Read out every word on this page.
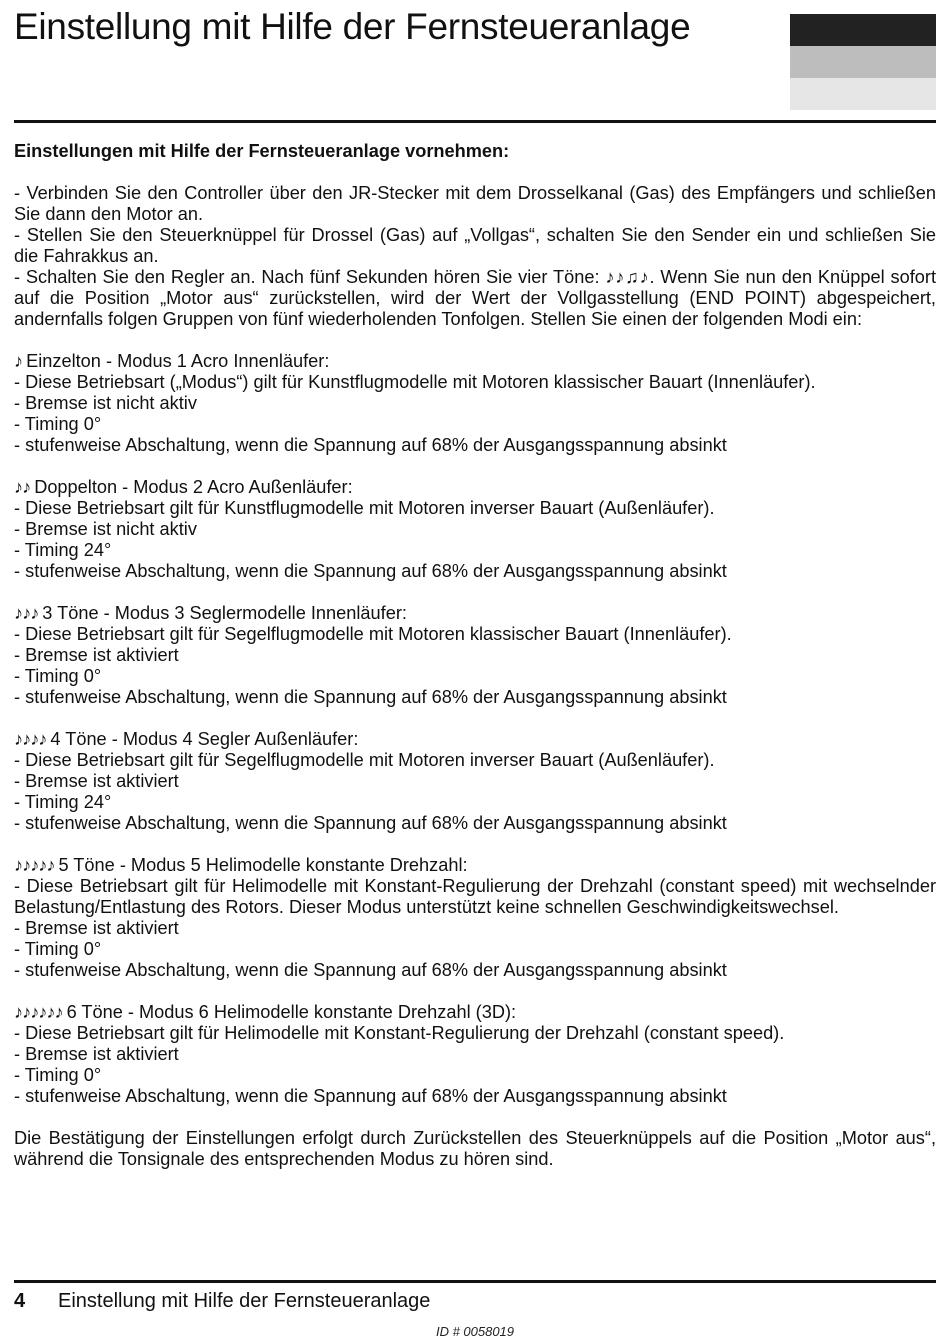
Einstellung mit Hilfe der Fernsteueranlage

Einstellungen mit Hilfe der Fernsteueranlage vornehmen:

- Verbinden Sie den Controller über den JR-Stecker mit dem Drosselkanal (Gas) des Empfängers und schließen Sie dann den Motor an.

- Stellen Sie den Steuerknüppel für Drossel (Gas) auf „Vollgas“, schalten Sie den Sender ein und schließen Sie die Fahrakkus an.

- Schalten Sie den Regler an. Nach fünf Sekunden hören Sie vier Töne: ♪♪♫♪. Wenn Sie nun den Knüppel sofort auf die Position „Motor aus“ zurückstellen, wird der Wert der Vollgasstellung (END POINT) abgespeichert, andernfalls folgen Gruppen von fünf wiederholenden Tonfolgen. Stellen Sie einen der folgenden Modi ein:

♪ Einzelton - Modus 1 Acro Innenläufer:

- Diese Betriebsart („Modus“) gilt für Kunstflugmodelle mit Motoren klassischer Bauart (Innenläufer).

- Bremse ist nicht aktiv

- Timing 0°

- stufenweise Abschaltung, wenn die Spannung auf 68% der Ausgangsspannung absinkt

♪♪ Doppelton - Modus 2 Acro Außenläufer:

- Diese Betriebsart gilt für Kunstflugmodelle mit Motoren inverser Bauart (Außenläufer).

- Bremse ist nicht aktiv

- Timing 24°

- stufenweise Abschaltung, wenn die Spannung auf 68% der Ausgangsspannung absinkt

♪♪♪ 3 Töne - Modus 3 Seglermodelle Innenläufer:

- Diese Betriebsart gilt für Segelflugmodelle mit Motoren klassischer Bauart (Innenläufer).

- Bremse ist aktiviert

- Timing 0°

- stufenweise Abschaltung, wenn die Spannung auf 68% der Ausgangsspannung absinkt

♪♪♪♪ 4 Töne - Modus 4 Segler Außenläufer:

- Diese Betriebsart gilt für Segelflugmodelle mit Motoren inverser Bauart (Außenläufer).

- Bremse ist aktiviert

- Timing 24°

- stufenweise Abschaltung, wenn die Spannung auf 68% der Ausgangsspannung absinkt

♪♪♪♪♪ 5 Töne - Modus 5 Helimodelle konstante Drehzahl:

- Diese Betriebsart gilt für Helimodelle mit Konstant-Regulierung der Drehzahl (constant speed) mit wechselnder Belastung/Entlastung des Rotors. Dieser Modus unterstützt keine schnellen Geschwindigkeitswechsel.

- Bremse ist aktiviert

- Timing 0°

- stufenweise Abschaltung, wenn die Spannung auf 68% der Ausgangsspannung absinkt

♪♪♪♪♪♪ 6 Töne - Modus 6 Helimodelle konstante Drehzahl (3D):

- Diese Betriebsart gilt für Helimodelle mit Konstant-Regulierung der Drehzahl (constant speed).

- Bremse ist aktiviert

- Timing 0°

- stufenweise Abschaltung, wenn die Spannung auf 68% der Ausgangsspannung absinkt

Die Bestätigung der Einstellungen erfolgt durch Zurückstellen des Steuerknüppels auf die Position „Motor aus“, während die Tonsignale des entsprechenden Modus zu hören sind.

4 Einstellung mit Hilfe der Fernsteueranlage
ID # 0058019
